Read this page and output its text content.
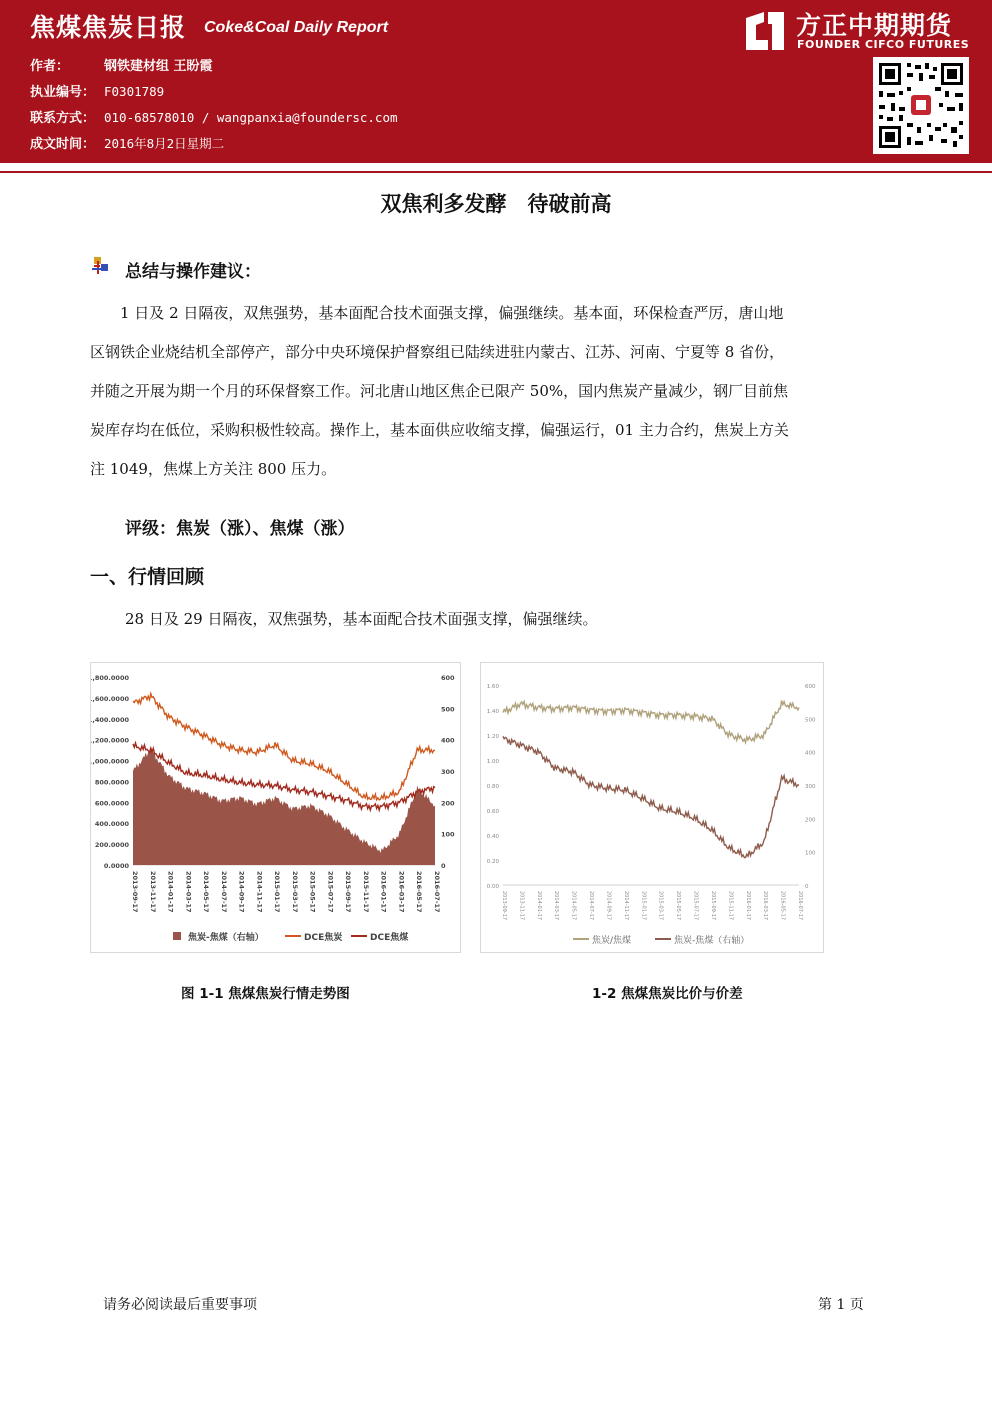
焦煤焦炭日报 Coke&Coal Daily Report
作者：	钢铁建材组 王盼霞
执业编号： F0301789
联系方式： 010-68578010 / wangpanxia@foundersc.com
成文时间： 2016年8月2日星期二
方正中期期货
FOUNDER CIFCO FUTURES
双焦利多发酵　待破前高
总结与操作建议：
　　1 日及 2 日隔夜，双焦强势，基本面配合技术面强支撑，偏强继续。基本面，环保检查严厉，唐山地
区钢铁企业烧结机全部停产，部分中央环境保护督察组已陆续进驻内蒙古、江苏、河南、宁夏等 8 省份，
并随之开展为期一个月的环保督察工作。河北唐山地区焦企已限产 50%，国内焦炭产量减少，钢厂目前焦
炭库存均在低位，采购积极性较高。操作上，基本面供应收缩支撑，偏强运行，01 主力合约，焦炭上方关
注 1049，焦煤上方关注 800 压力。
评级：焦炭（涨）、焦煤（涨）
一、行情回顾
28 日及 29 日隔夜，双焦强势，基本面配合技术面强支撑，偏强继续。
1,800.0000
1,600.0000
1,400.0000
1,200.0000
1,000.0000
800.0000
600.0000
400.0000
200.0000
0.0000
600
500
400
300
200
100
0
2013-09-17 2013-11-17 2014-01-17 2014-03-17 2014-05-17 2014-07-17 2014-09-17 2014-11-17 2015-01-17 2015-03-17 2015-05-17 2015-07-17 2015-09-17 2015-11-17 2016-01-17 2016-03-17 2016-05-17 2016-07-17
焦炭-焦煤（右轴）	DCE焦炭	DCE焦煤
1.60
1.40
1.20
1.00
0.80
0.60
0.40
0.20
0.00
600
500
400
300
200
100
0
2013-09-17 2013-11-17 2014-01-17 2014-03-17 2014-05-17 2014-07-17 2014-09-17 2014-11-17 2015-01-17 2015-03-17 2015-05-17 2015-07-17 2015-09-17 2015-11-17 2016-01-17 2016-03-17 2016-05-17 2016-07-17
焦炭/焦煤	焦炭-焦煤（右轴）
图 1-1 焦煤焦炭行情走势图	1-2 焦煤焦炭比价与价差
请务必阅读最后重要事项	第 1 页
